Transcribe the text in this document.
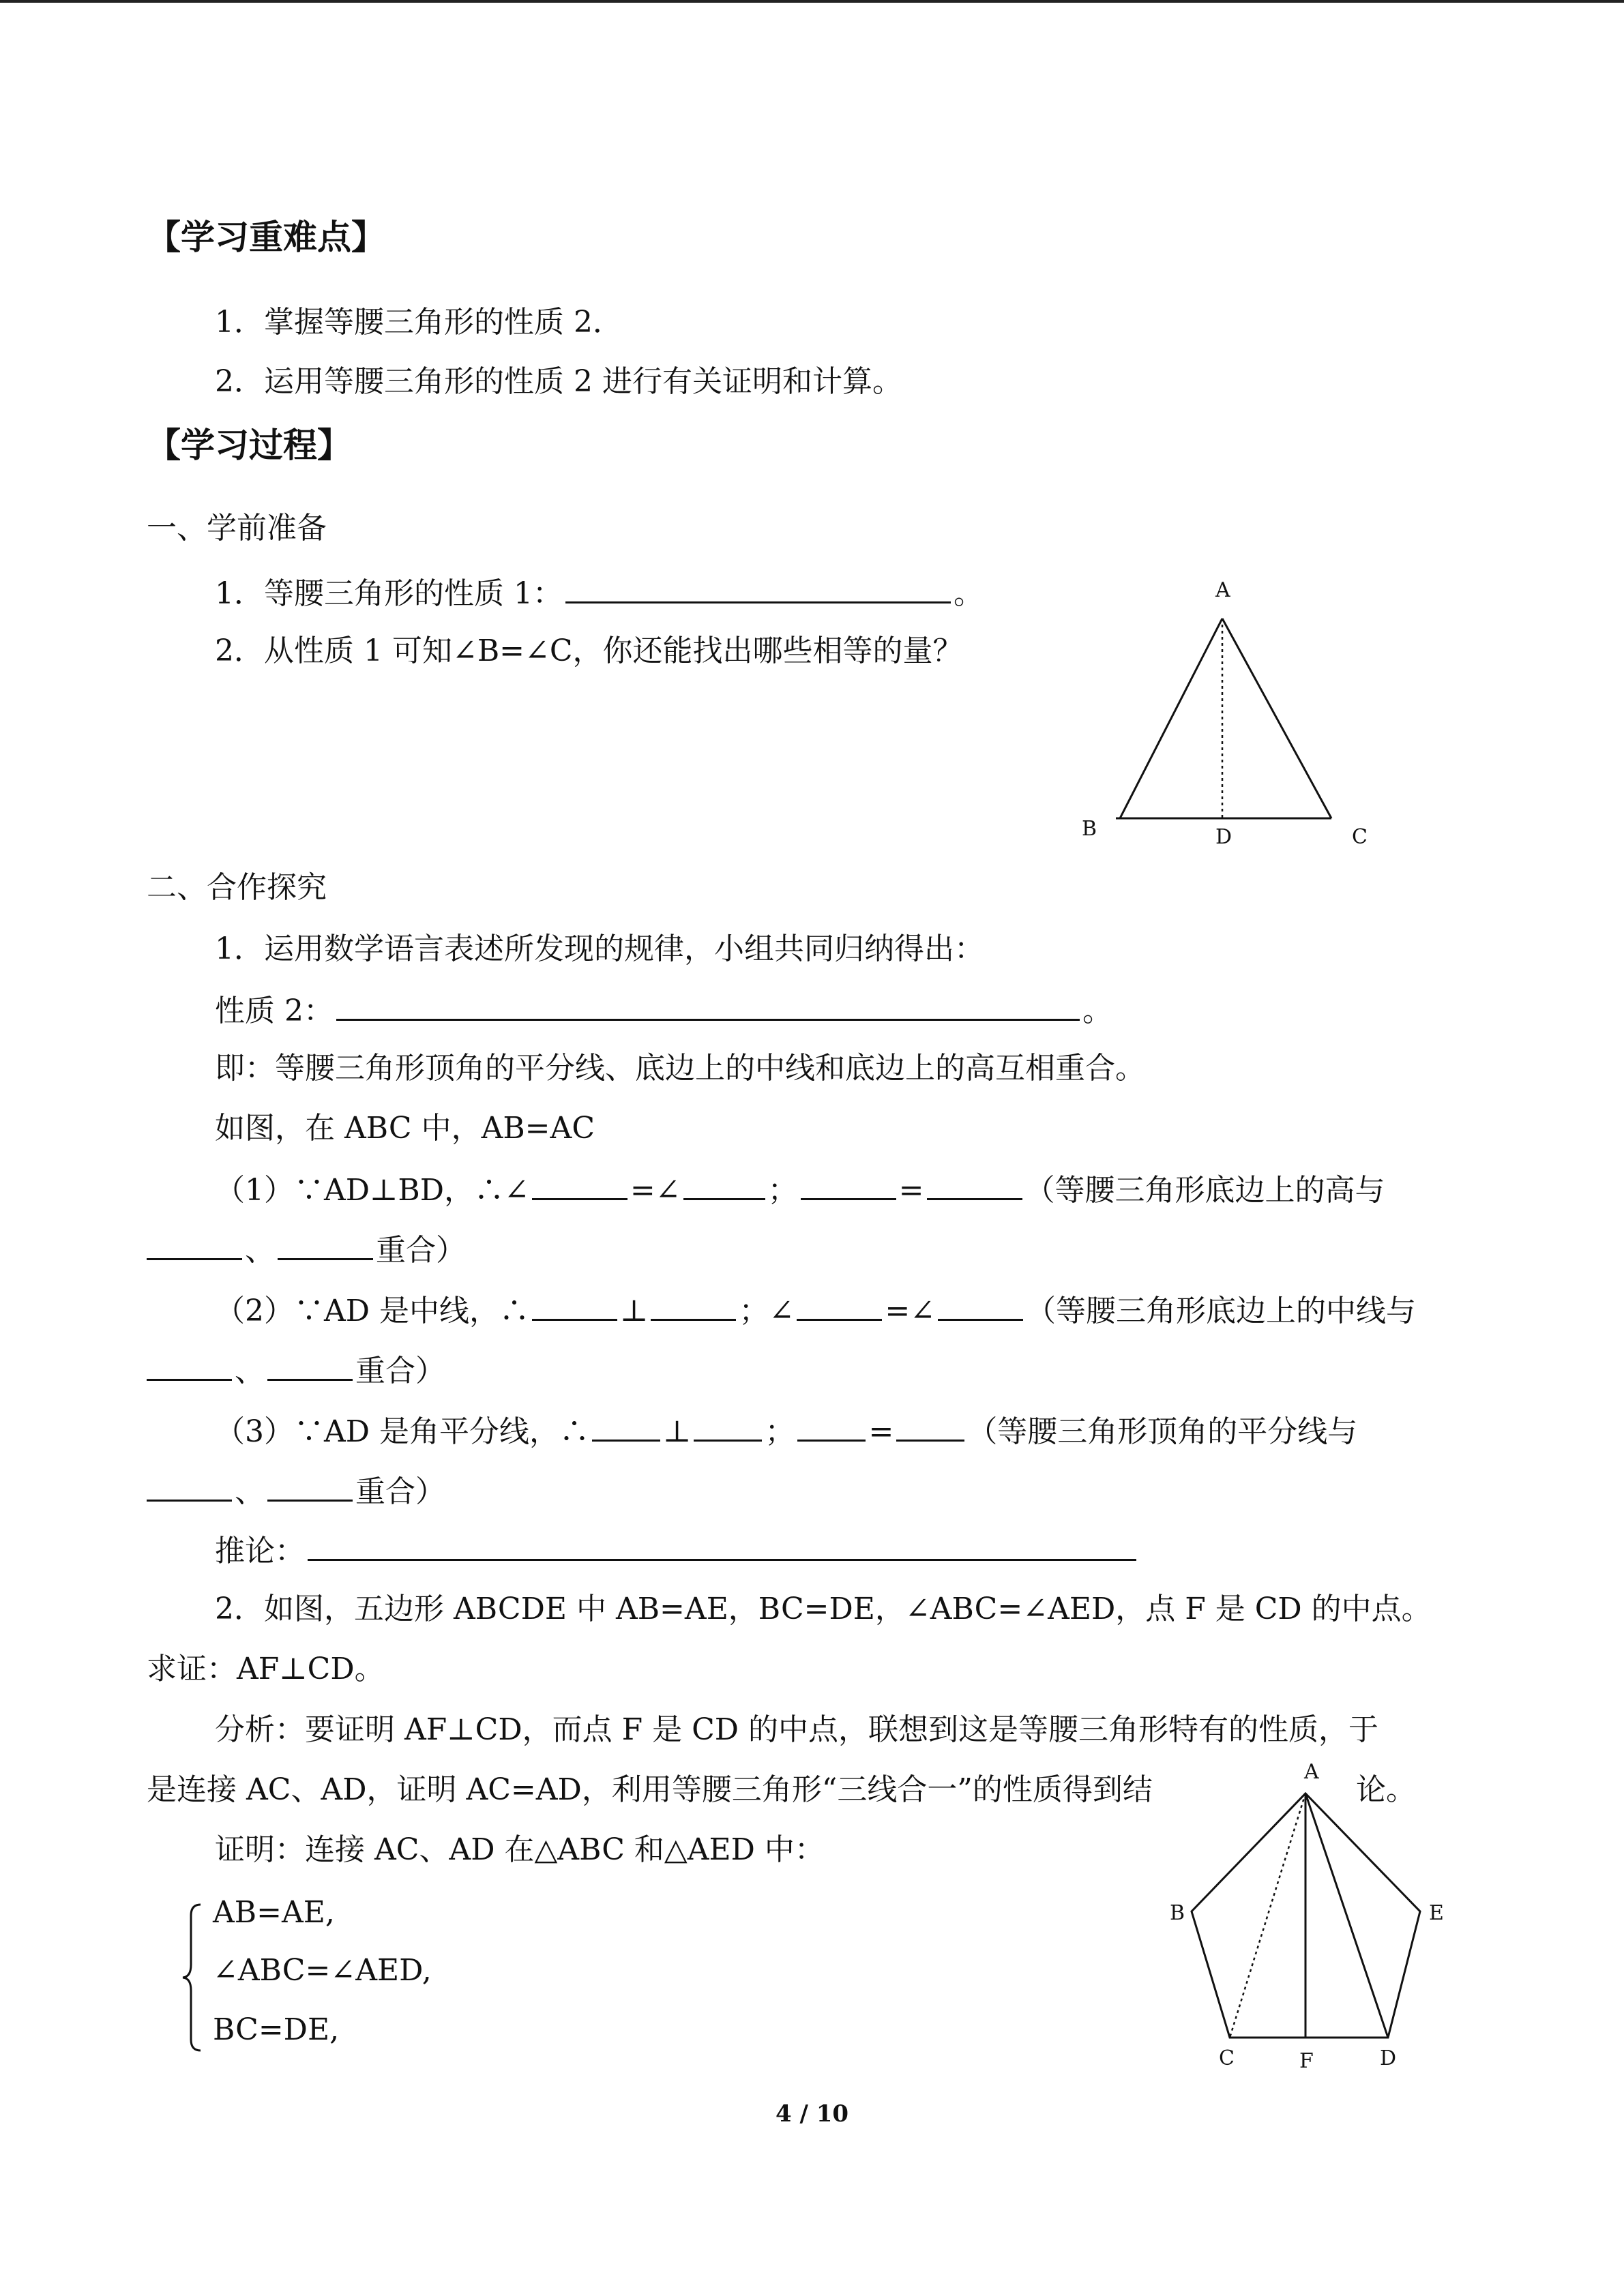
【学习重难点】
1．掌握等腰三角形的性质 2．
2．运用等腰三角形的性质 2 进行有关证明和计算。
【学习过程】
一、学前准备
1．等腰三角形的性质 1：	。
2．从性质 1 可知∠B=∠C，你还能找出哪些相等的量？
A
B	D	C
二、合作探究
1．运用数学语言表述所发现的规律，小组共同归纳得出：
性质 2：	。
即：等腰三角形顶角的平分线、底边上的中线和底边上的高互相重合。
如图，在 ABC 中，AB=AC
（1）∵AD⊥BD，∴∠	=∠	；	=	（等腰三角形底边上的高与
、	重合）
（2）∵AD 是中线，∴	⊥	；∠	=∠	（等腰三角形底边上的中线与
、	重合）
（3）∵AD 是角平分线，∴ ⊥ ； = （等腰三角形顶角的平分线与
、	重合）
推论：
2．如图，五边形 ABCDE 中 AB=AE，BC=DE，∠ABC=∠AED，点 F 是 CD 的中点。
求证：AF⊥CD。
分析：要证明 AF⊥CD，而点 F 是 CD 的中点，联想到这是等腰三角形特有的性质，于
是连接 AC、AD，证明 AC=AD，利用等腰三角形“三线合一”的性质得到结	论。
证明：连接 AC、AD 在△ABC 和△AED 中：
AB=AE,
∠ABC=∠AED,
BC=DE,
A
B	E
C	F	D
4 / 10
